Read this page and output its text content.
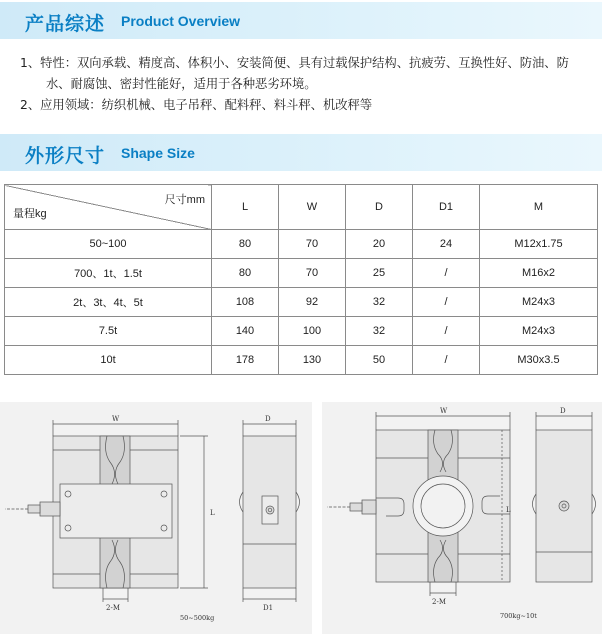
产品综述 Product Overview

1、特性：双向承载、精度高、体积小、安装简便、具有过载保护结构、抗疲劳、互换性好、防油、防

水、耐腐蚀、密封性能好，适用于各种恶劣环境。

2、应用领域：纺织机械、电子吊秤、配料秤、料斗秤、机改秤等

外形尺寸 Shape Size
尺寸mm
量程kg	L	W	D	D1	M
50~100	80	70	20	24	M12x1.75
700、1t、1.5t	80	70	25	/	M16x2
2t、3t、4t、5t	108	92	32	/	M24x3
7.5t	140	100	32	/	M24x3
10t	178	130	50	/	M30x3.5
W
L
2-M
D
D1
50~500kg
W
L
2-M
D
700kg~10t
